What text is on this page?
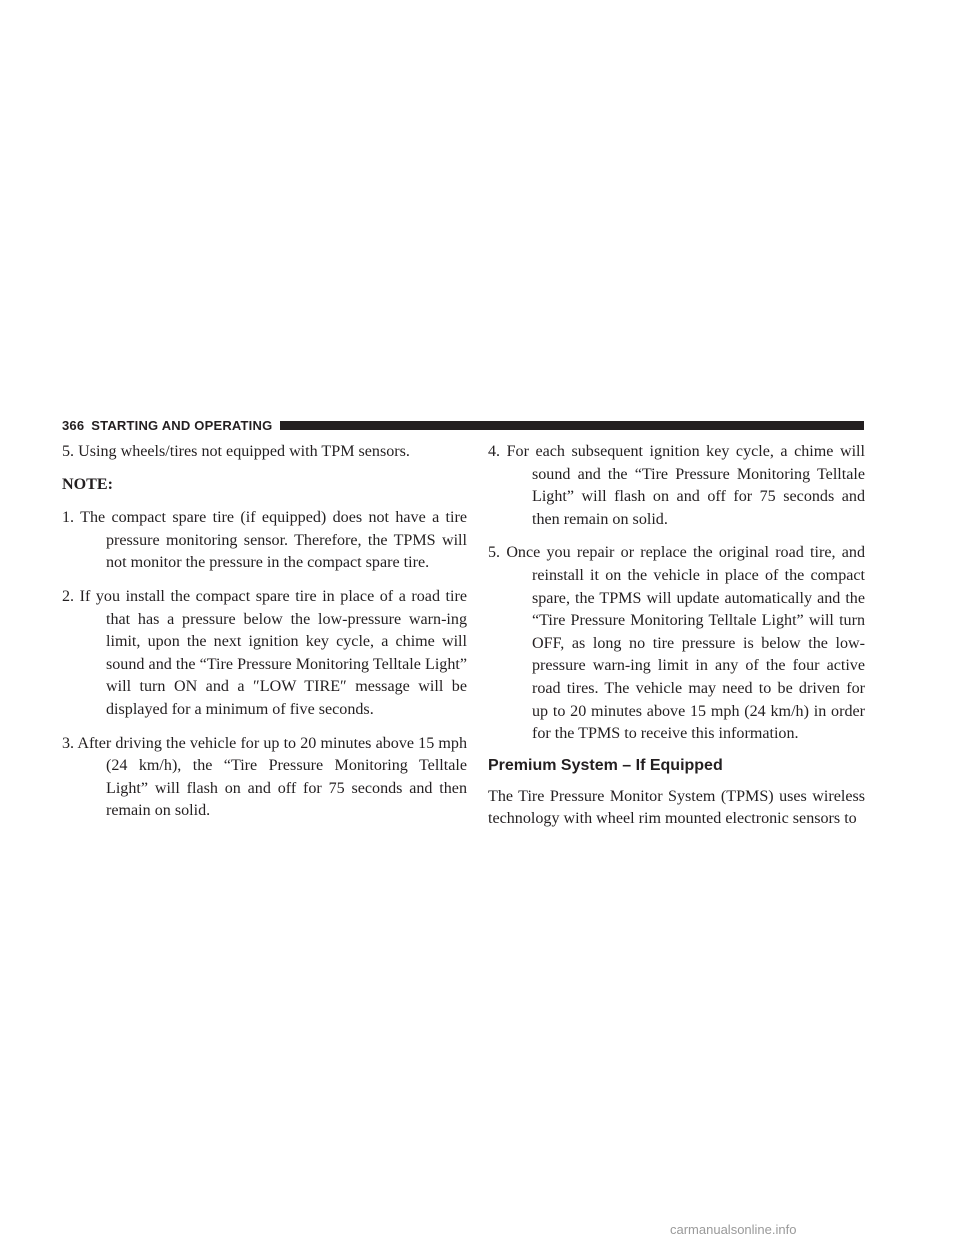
366 STARTING AND OPERATING

5. Using wheels/tires not equipped with TPM sensors.

NOTE:

1. The compact spare tire (if equipped) does not have a tire pressure monitoring sensor. Therefore, the TPMS will not monitor the pressure in the compact spare tire.

2. If you install the compact spare tire in place of a road tire that has a pressure below the low-pressure warn-ing limit, upon the next ignition key cycle, a chime will sound and the “Tire Pressure Monitoring Telltale Light” will turn ON and a ″LOW TIRE″ message will be displayed for a minimum of five seconds.

3. After driving the vehicle for up to 20 minutes above 15 mph (24 km/h), the “Tire Pressure Monitoring Telltale Light” will flash on and off for 75 seconds and then remain on solid.

4. For each subsequent ignition key cycle, a chime will sound and the “Tire Pressure Monitoring Telltale Light” will flash on and off for 75 seconds and then remain on solid.

5. Once you repair or replace the original road tire, and reinstall it on the vehicle in place of the compact spare, the TPMS will update automatically and the “Tire Pressure Monitoring Telltale Light” will turn OFF, as long no tire pressure is below the low-pressure warn-ing limit in any of the four active road tires. The vehicle may need to be driven for up to 20 minutes above 15 mph (24 km/h) in order for the TPMS to receive this information.

Premium System – If Equipped

The Tire Pressure Monitor System (TPMS) uses wireless technology with wheel rim mounted electronic sensors to

carmanualsonline.info
